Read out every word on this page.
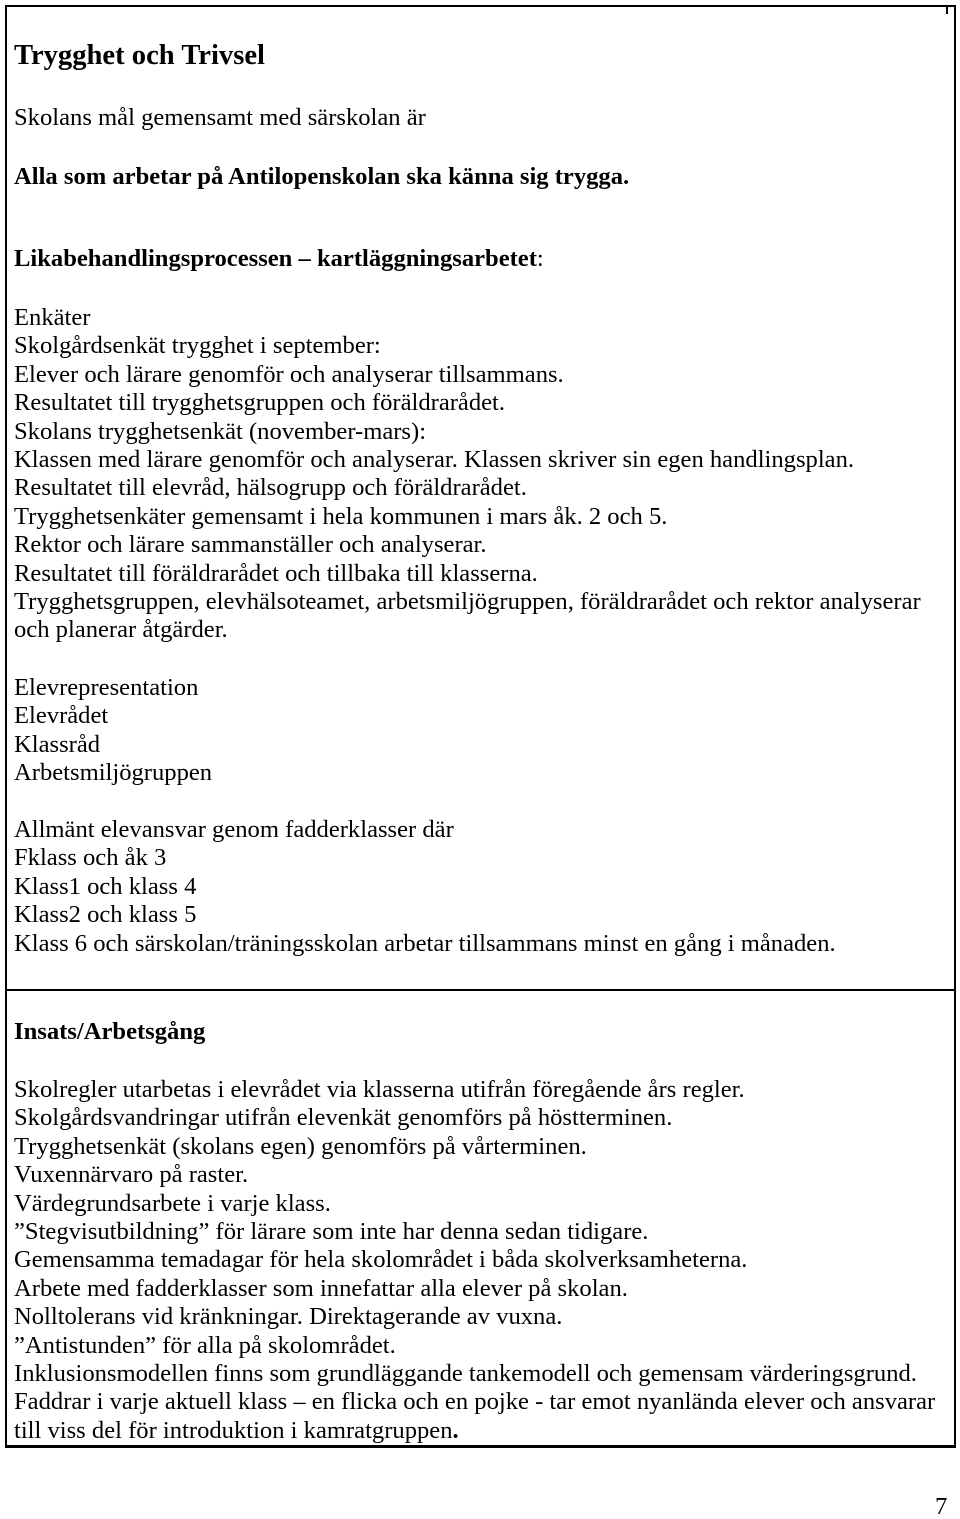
Trygghet och Trivsel
Skolans mål gemensamt med särskolan är
Alla som arbetar på Antilopenskolan ska känna sig trygga.
Likabehandlingsprocessen – kartläggningsarbetet:
Enkäter
Skolgårdsenkät trygghet i september:
Elever och lärare genomför och analyserar tillsammans.
Resultatet till trygghetsgruppen och föräldrarådet.
Skolans trygghetsenkät (november-mars):
Klassen med lärare genomför och analyserar. Klassen skriver sin egen handlingsplan.
Resultatet till elevråd, hälsogrupp och föräldrarådet.
Trygghetsenkäter gemensamt i hela kommunen i mars åk. 2 och 5.
Rektor och lärare sammanställer och analyserar.
Resultatet till föräldrarådet och tillbaka till klasserna.
Trygghetsgruppen, elevhälsoteamet, arbetsmiljögruppen, föräldrarådet och rektor analyserar
och planerar åtgärder.
Elevrepresentation
Elevrådet
Klassråd
Arbetsmiljögruppen
Allmänt elevansvar genom fadderklasser där
Fklass och åk 3
Klass1 och klass 4
Klass2 och klass 5
Klass 6 och särskolan/träningsskolan arbetar tillsammans minst en gång i månaden.
Insats/Arbetsgång
Skolregler utarbetas i elevrådet via klasserna utifrån föregående års regler.
Skolgårdsvandringar utifrån elevenkät genomförs på höstterminen.
Trygghetsenkät (skolans egen) genomförs på vårterminen.
Vuxennärvaro på raster.
Värdegrundsarbete i varje klass.
”Stegvisutbildning” för lärare som inte har denna sedan tidigare.
Gemensamma temadagar för hela skolområdet i båda skolverksamheterna.
Arbete med fadderklasser som innefattar alla elever på skolan.
Nolltolerans vid kränkningar. Direktagerande av vuxna.
”Antistunden” för alla på skolområdet.
Inklusionsmodellen finns som grundläggande tankemodell och gemensam värderingsgrund.
Faddrar i varje aktuell klass – en flicka och en pojke - tar emot nyanlända elever och ansvarar
till viss del för introduktion i kamratgruppen.
7
